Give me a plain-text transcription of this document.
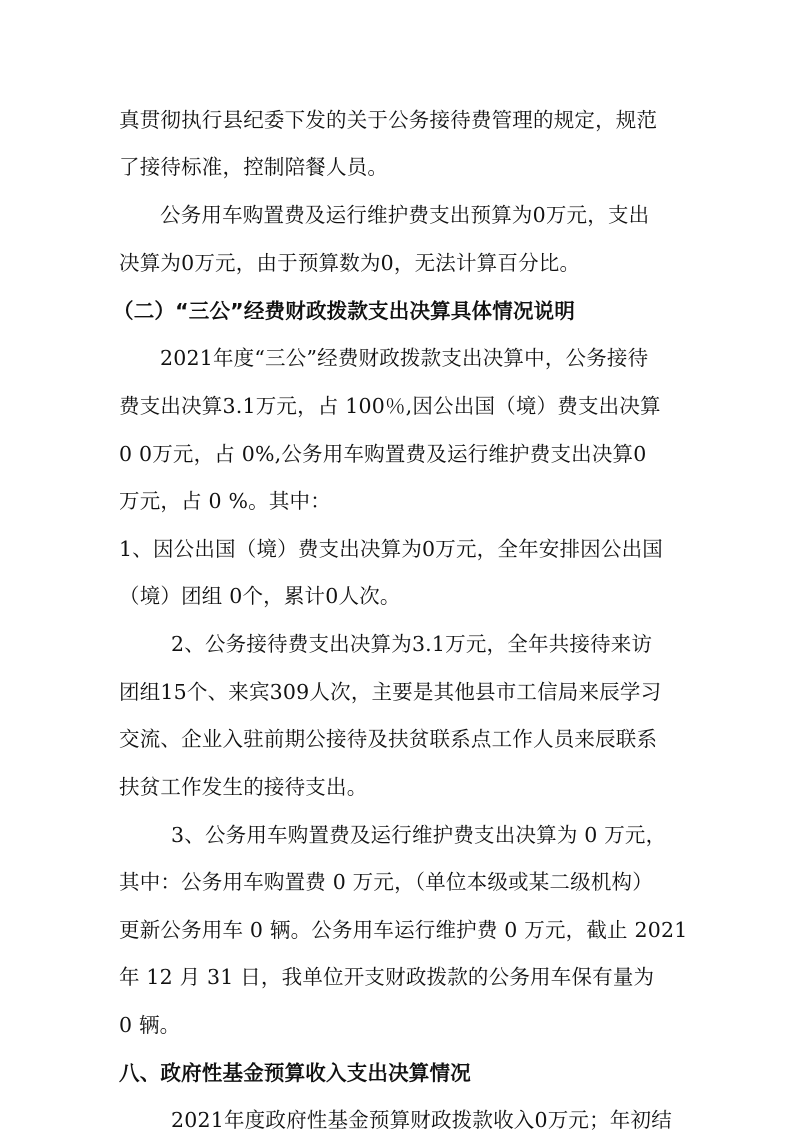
真贯彻执行县纪委下发的关于公务接待费管理的规定，规范
了接待标准，控制陪餐人员。
公务用车购置费及运行维护费支出预算为0万元，支出
决算为0万元，由于预算数为0，无法计算百分比。
（二）“三公”经费财政拨款支出决算具体情况说明
2021年度“三公”经费财政拨款支出决算中，公务接待
费支出决算3.1万元，占 100％,因公出国（境）费支出决算
0 0万元，占 0%,公务用车购置费及运行维护费支出决算0
万元，占 0 %。其中：
1、因公出国（境）费支出决算为0万元，全年安排因公出国
（境）团组 0个，累计0人次。
2、公务接待费支出决算为3.1万元，全年共接待来访
团组15个、来宾309人次，主要是其他县市工信局来辰学习
交流、企业入驻前期公接待及扶贫联系点工作人员来辰联系
扶贫工作发生的接待支出。
3、公务用车购置费及运行维护费支出决算为 0 万元，
其中：公务用车购置费 0 万元，（单位本级或某二级机构）
更新公务用车 0 辆。公务用车运行维护费 0 万元，截止 2021
年 12 月 31 日，我单位开支财政拨款的公务用车保有量为
0 辆。
八、政府性基金预算收入支出决算情况
2021年度政府性基金预算财政拨款收入0万元；年初结
